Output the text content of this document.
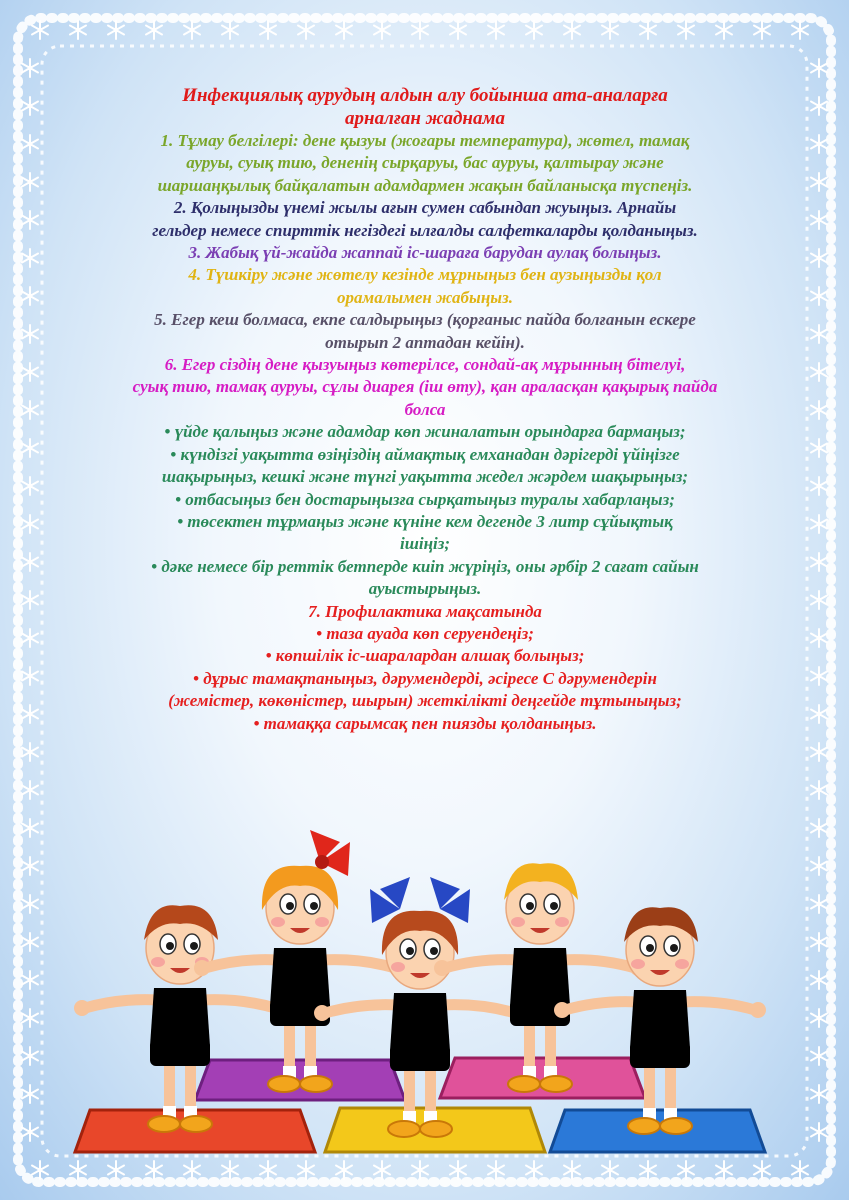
Инфекциялық аурудың алдын алу бойынша ата-аналарға
арналған жаднама

1. Тұмау белгілері: дене қызуы (жоғары температура), жөтел, тамақ
ауруы, суық тию, дененің сырқаруы, бас ауруы, қалтырау және
шаршаңқылық байқалатын адамдармен жақын байланысқа түспеңіз.

2. Қолыңызды үнемі жылы ағын сумен сабындап жуыңыз. Арнайы
гельдер немесе спирттік негіздегі ылғалды салфеткаларды қолданыңыз.

3. Жабық үй-жайда жаппай іс-шараға барудан аулақ болыңыз.

4. Түшкіру және жөтелу кезінде мұрныңыз бен аузыңызды қол
орамалымен жабыңыз.

5. Егер кеш болмаса, екпе салдырыңыз (қорғаныс пайда болғанын ескере
отырып 2 аптадан кейін).

6. Егер сіздің дене қызуыңыз көтерілсе, сондай-ақ мұрынның бітелуі,
суық тию, тамақ ауруы, сұлы диарея (іш өту), қан араласқан қақырық пайда
болса

• үйде қалыңыз және адамдар көп жиналатын орындарға бармаңыз;

• күндізгі уақытта өзіңіздің аймақтық емханадан дәрігерді үйіңізге
шақырыңыз, кешкі және түнгі уақытта жедел жәрдем шақырыңыз;

• отбасыңыз бен достарыңызға сырқатыңыз туралы хабарлаңыз;

• төсектен тұрмаңыз және күніне кем дегенде 3 литр сұйықтық
ішіңіз;

• дәке немесе бір реттік бетперде киіп жүріңіз, оны әрбір 2 сағат сайын
ауыстырыңыз.

7. Профилактика мақсатында

• таза ауада көп серуендеңіз;

• көпшілік іс-шаралардан алшақ болыңыз;

• дұрыс тамақтаныңыз, дәрумендерді, әсіресе С дәрумендерін
(жемістер, көкөністер, шырын) жеткілікті деңгейде тұтыныңыз;

• тамаққа сарымсақ пен пиязды қолданыңыз.
